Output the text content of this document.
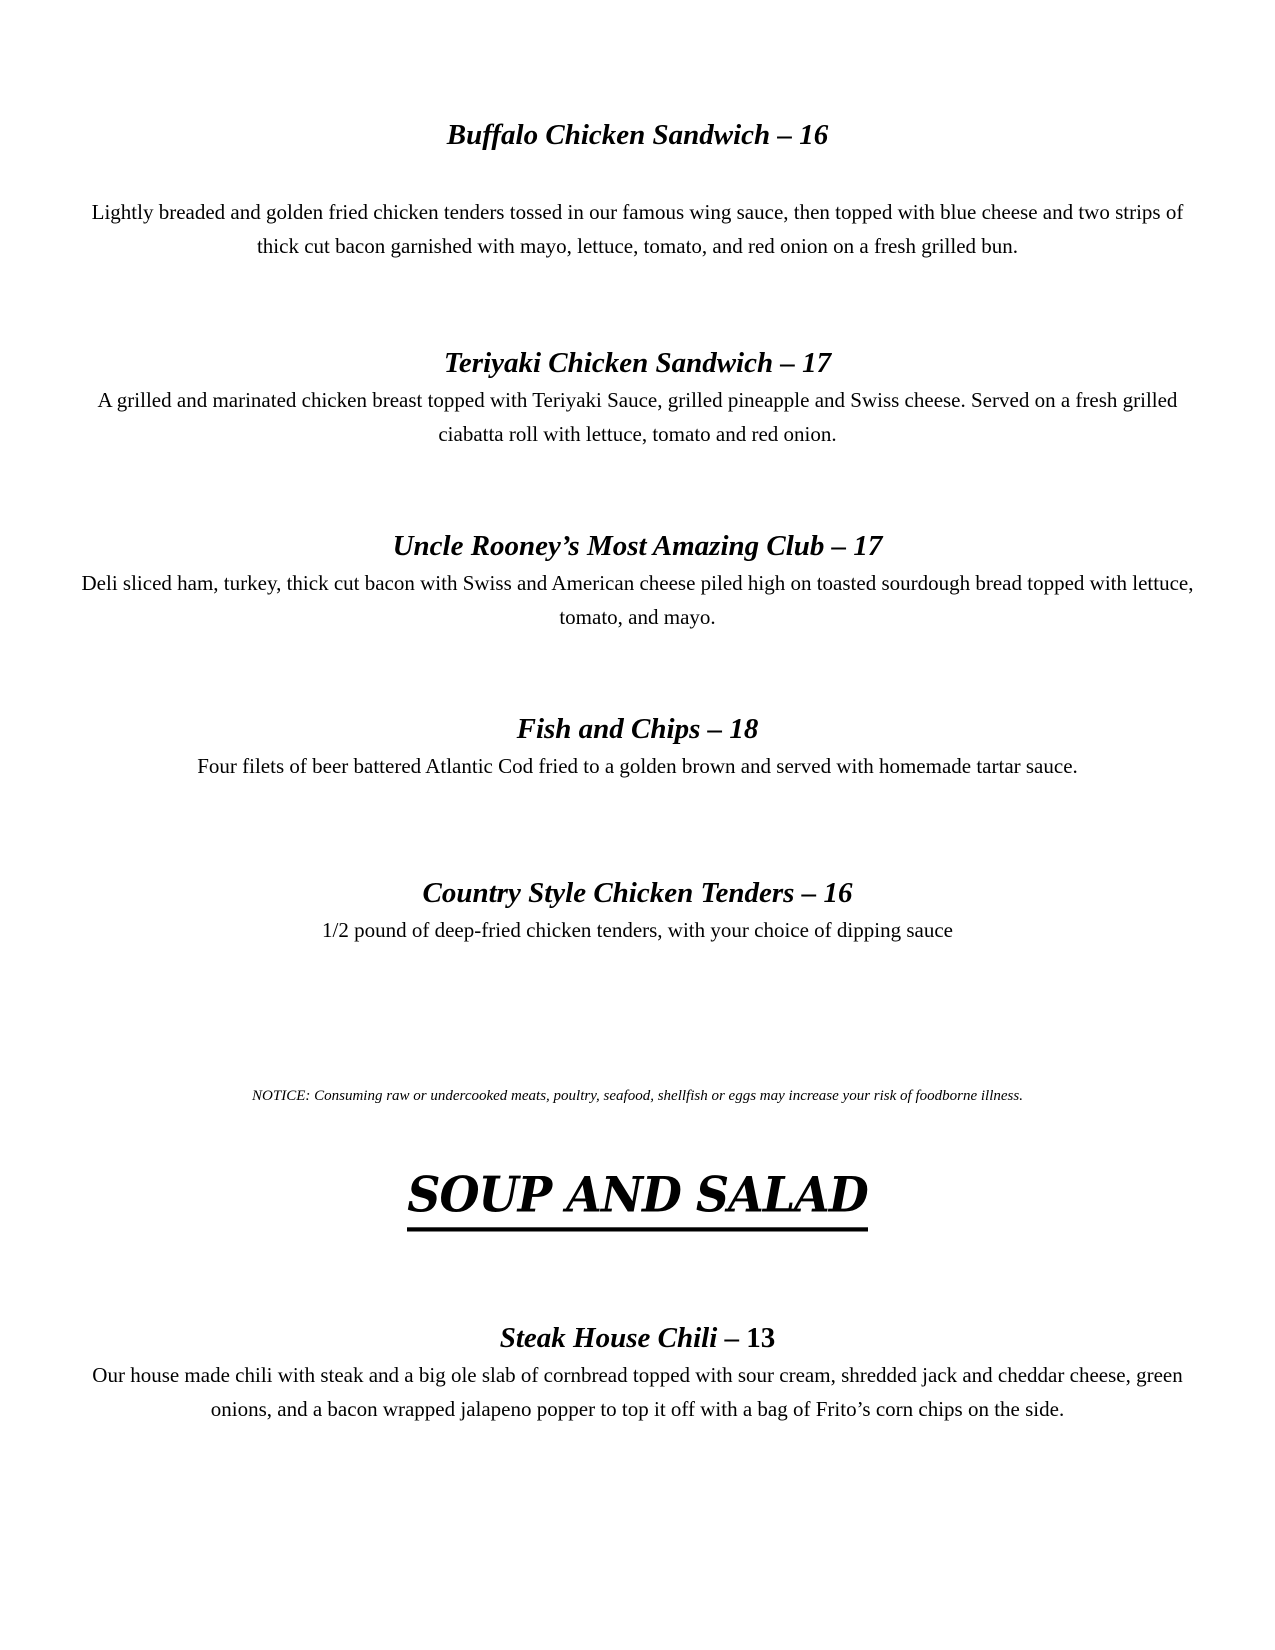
Buffalo Chicken Sandwich – 16

Lightly breaded and golden fried chicken tenders tossed in our famous wing sauce, then topped with blue cheese and two strips of thick cut bacon garnished with mayo, lettuce, tomato, and red onion on a fresh grilled bun.

Teriyaki Chicken Sandwich – 17

A grilled and marinated chicken breast topped with Teriyaki Sauce, grilled pineapple and Swiss cheese. Served on a fresh grilled ciabatta roll with lettuce, tomato and red onion.

Uncle Rooney’s Most Amazing Club – 17

Deli sliced ham, turkey, thick cut bacon with Swiss and American cheese piled high on toasted sourdough bread topped with lettuce, tomato, and mayo.

Fish and Chips – 18

Four filets of beer battered Atlantic Cod fried to a golden brown and served with homemade tartar sauce.

Country Style Chicken Tenders – 16

1/2 pound of deep-fried chicken tenders, with your choice of dipping sauce

NOTICE: Consuming raw or undercooked meats, poultry, seafood, shellfish or eggs may increase your risk of foodborne illness.

SOUP AND SALAD
Steak House Chili – 13

Our house made chili with steak and a big ole slab of cornbread topped with sour cream, shredded jack and cheddar cheese, green onions, and a bacon wrapped jalapeno popper to top it off with a bag of Frito’s corn chips on the side.
